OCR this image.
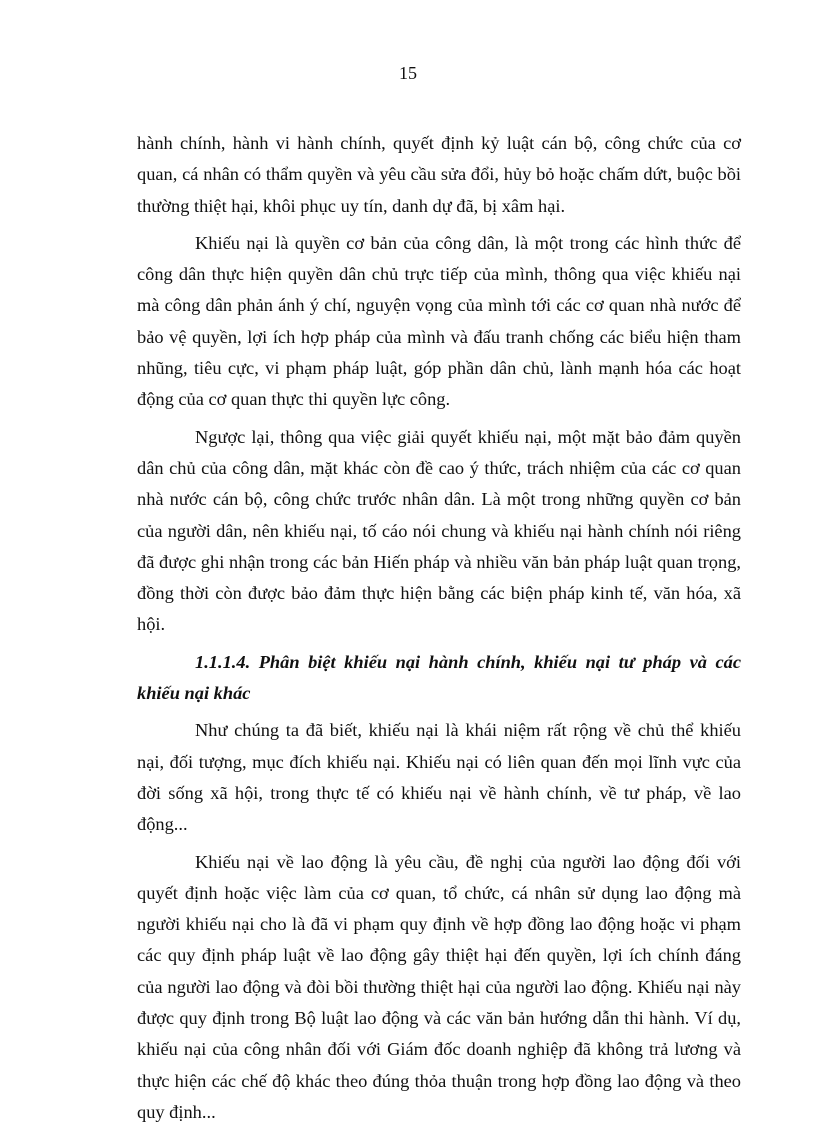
15

hành chính, hành vi hành chính, quyết định kỷ luật cán bộ, công chức của cơ quan, cá nhân có thẩm quyền và yêu cầu sửa đổi, hủy bỏ hoặc chấm dứt, buộc bồi thường thiệt hại, khôi phục uy tín, danh dự đã, bị xâm hại.

Khiếu nại là quyền cơ bản của công dân, là một trong các hình thức để công dân thực hiện quyền dân chủ trực tiếp của mình, thông qua việc khiếu nại mà công dân phản ánh ý chí, nguyện vọng của mình tới các cơ quan nhà nước để bảo vệ quyền, lợi ích hợp pháp của mình và đấu tranh chống các biểu hiện tham nhũng, tiêu cực, vi phạm pháp luật, góp phần dân chủ, lành mạnh hóa các hoạt động của cơ quan thực thi quyền lực công.

Ngược lại, thông qua việc giải quyết khiếu nại, một mặt bảo đảm quyền dân chủ của công dân, mặt khác còn đề cao ý thức, trách nhiệm của các cơ quan nhà nước cán bộ, công chức trước nhân dân. Là một trong những quyền cơ bản của người dân, nên khiếu nại, tố cáo nói chung và khiếu nại hành chính nói riêng đã được ghi nhận trong các bản Hiến pháp và nhiều văn bản pháp luật quan trọng, đồng thời còn được bảo đảm thực hiện bằng các biện pháp kinh tế, văn hóa, xã hội.

1.1.1.4. Phân biệt khiếu nại hành chính, khiếu nại tư pháp và các khiếu nại khác

Như chúng ta đã biết, khiếu nại là khái niệm rất rộng về chủ thể khiếu nại, đối tượng, mục đích khiếu nại. Khiếu nại có liên quan đến mọi lĩnh vực của đời sống xã hội, trong thực tế có khiếu nại về hành chính, về tư pháp, về lao động...

Khiếu nại về lao động là yêu cầu, đề nghị của người lao động đối với quyết định hoặc việc làm của cơ quan, tổ chức, cá nhân sử dụng lao động mà người khiếu nại cho là đã vi phạm quy định về hợp đồng lao động hoặc vi phạm các quy định pháp luật về lao động gây thiệt hại đến quyền, lợi ích chính đáng của người lao động và đòi bồi thường thiệt hại của người lao động. Khiếu nại này được quy định trong Bộ luật lao động và các văn bản hướng dẫn thi hành. Ví dụ, khiếu nại của công nhân đối với Giám đốc doanh nghiệp đã không trả lương và thực hiện các chế độ khác theo đúng thỏa thuận trong hợp đồng lao động và theo quy định...
